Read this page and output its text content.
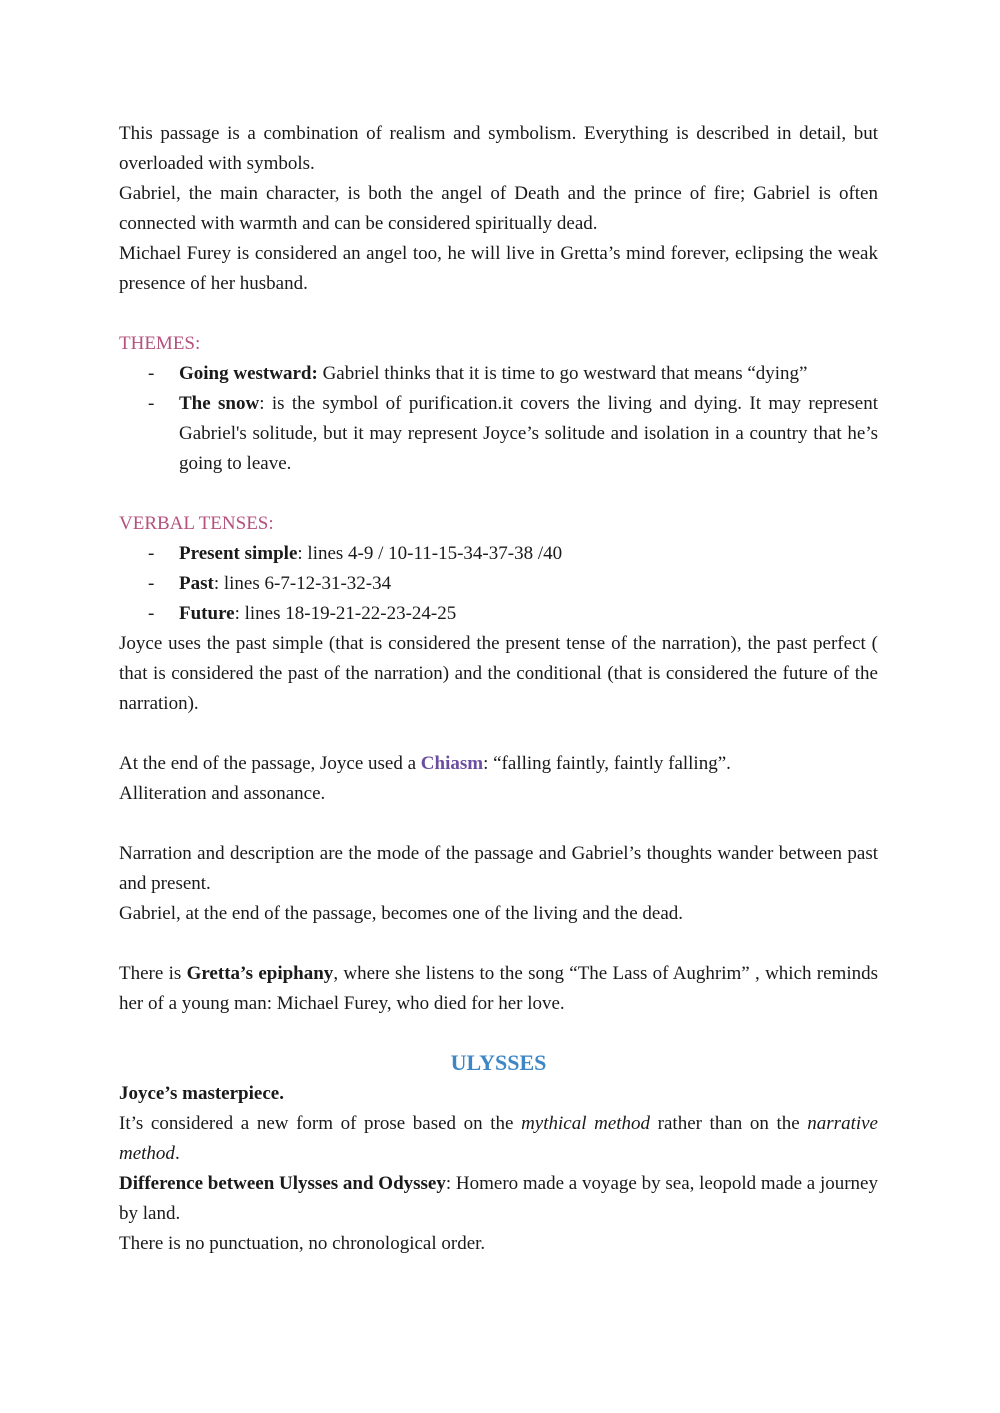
This passage is a combination of realism and symbolism. Everything is described in detail, but overloaded with symbols.

Gabriel, the main character, is both the angel of Death and the prince of fire; Gabriel is often connected with warmth and can be considered spiritually dead.

Michael Furey is considered an angel too, he will live in Gretta’s mind forever, eclipsing the weak presence of her husband.

THEMES:

- Going westward: Gabriel thinks that it is time to go westward that means “dying”
- The snow: is the symbol of purification.it covers the living and dying. It may represent Gabriel's solitude, but it may represent Joyce’s solitude and isolation in a country that he’s going to leave.

VERBAL TENSES:

- Present simple: lines 4-9 / 10-11-15-34-37-38 /40
- Past: lines 6-7-12-31-32-34
- Future: lines 18-19-21-22-23-24-25

Joyce uses the past simple (that is considered the present tense of the narration), the past perfect ( that is considered the past of the narration) and the conditional (that is considered the future of the narration).

At the end of the passage, Joyce used a Chiasm: “falling faintly, faintly falling”.

Alliteration and assonance.

Narration and description are the mode of the passage and Gabriel’s thoughts wander between past and present.

Gabriel, at the end of the passage, becomes one of the living and the dead.

There is Gretta’s epiphany, where she listens to the song “The Lass of Aughrim” , which reminds her of a young man: Michael Furey, who died for her love.

ULYSSES

Joyce’s masterpiece.

It’s considered a new form of prose based on the mythical method rather than on the narrative method.

Difference between Ulysses and Odyssey: Homero made a voyage by sea, leopold made a journey by land.

There is no punctuation, no chronological order.
